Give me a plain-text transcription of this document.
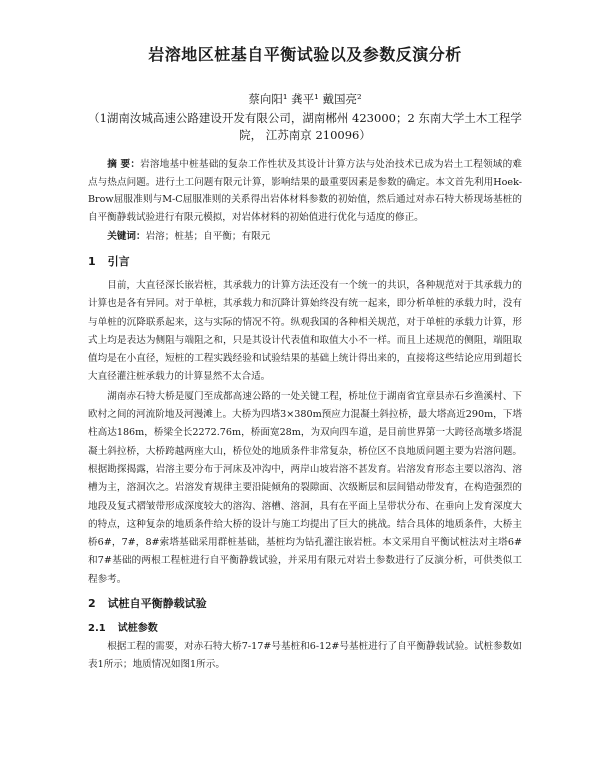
岩溶地区桩基自平衡试验以及参数反演分析
蔡向阳¹ 龚平¹ 戴国亮²
（1湖南汝城高速公路建设开发有限公司，湖南郴州 423000；2 东南大学土木工程学院， 江苏南京 210096）

摘 要：岩溶地基中桩基础的复杂工作性状及其设计计算方法与处治技术已成为岩土工程领域的难点与热点问题。进行土工问题有限元计算，影响结果的最重要因素是参数的确定。本文首先利用Hoek-Brow屈服准则与M-C屈服准则的关系得出岩体材料参数的初始值，然后通过对赤石特大桥现场基桩的自平衡静载试验进行有限元模拟，对岩体材料的初始值进行优化与适度的修正。

关键词：岩溶；桩基；自平衡；有限元

1 引言

目前，大直径深长嵌岩桩，其承载力的计算方法还没有一个统一的共识，各种规范对于其承载力的计算也是各有异同。对于单桩，其承载力和沉降计算始终没有统一起来，即分析单桩的承载力时，没有与单桩的沉降联系起来，这与实际的情况不符。纵观我国的各种相关规范，对于单桩的承载力计算，形式上均是表达为侧阻与端阻之和，只是其设计代表值和取值大小不一样。而且上述规范的侧阻，端阻取值均是在小直径，短桩的工程实践经验和试验结果的基础上统计得出来的，直接将这些结论应用到超长大直径灌注桩承载力的计算显然不太合适。

湖南赤石特大桥是厦门至成都高速公路的一处关键工程，桥址位于湖南省宜章县赤石乡渔溪村、下欧村之间的河流阶地及河漫滩上。大桥为四塔3×380m预应力混凝土斜拉桥，最大塔高近290m，下塔柱高达186m，桥梁全长2272.76m，桥面宽28m，为双向四车道，是目前世界第一大跨径高墩多塔混凝土斜拉桥，大桥跨越两座大山，桥位处的地质条件非常复杂，桥位区不良地质问题主要为岩溶问题。根据勘探揭露，岩溶主要分布于河床及冲沟中，两岸山坡岩溶不甚发育。岩溶发育形态主要以溶沟、溶槽为主，溶洞次之。岩溶发育规律主要沿陡倾角的裂隙面、次级断层和层间错动带发育，在构造强烈的地段及复式褶皱带形成深度较大的溶沟、溶槽、溶洞，具有在平面上呈带状分布、在垂向上发育深度大的特点，这种复杂的地质条件给大桥的设计与施工均提出了巨大的挑战。结合具体的地质条件，大桥主桥6#，7#，8#索塔基础采用群桩基础，基桩均为钻孔灌注嵌岩桩。本文采用自平衡试桩法对主塔6#和7#基础的两根工程桩进行自平衡静载试验，并采用有限元对岩土参数进行了反演分析，可供类似工程参考。

2 试桩自平衡静载试验
2.1 试桩参数

根据工程的需要，对赤石特大桥7-17#号基桩和6-12#号基桩进行了自平衡静载试验。试桩参数如表1所示；地质情况如图1所示。
